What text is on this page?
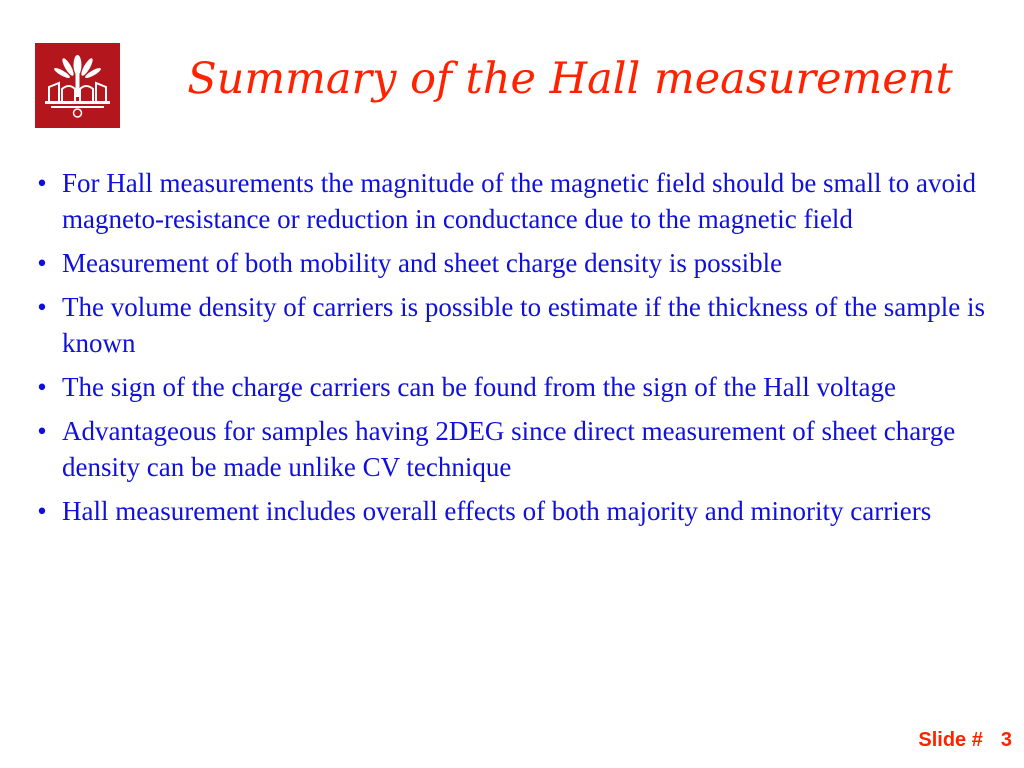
Summary of the Hall measurement
• For Hall measurements the magnitude of the magnetic field should be small to avoid magneto-resistance or reduction in conductance due to the magnetic field
• Measurement of both mobility and sheet charge density is possible
• The volume density of carriers is possible to estimate if the thickness of the sample is known
• The sign of the charge carriers can be found from the sign of the Hall voltage
• Advantageous for samples having 2DEG since direct measurement of sheet charge density can be made unlike CV technique
• Hall measurement includes overall effects of both majority and minority carriers
Slide # 3
